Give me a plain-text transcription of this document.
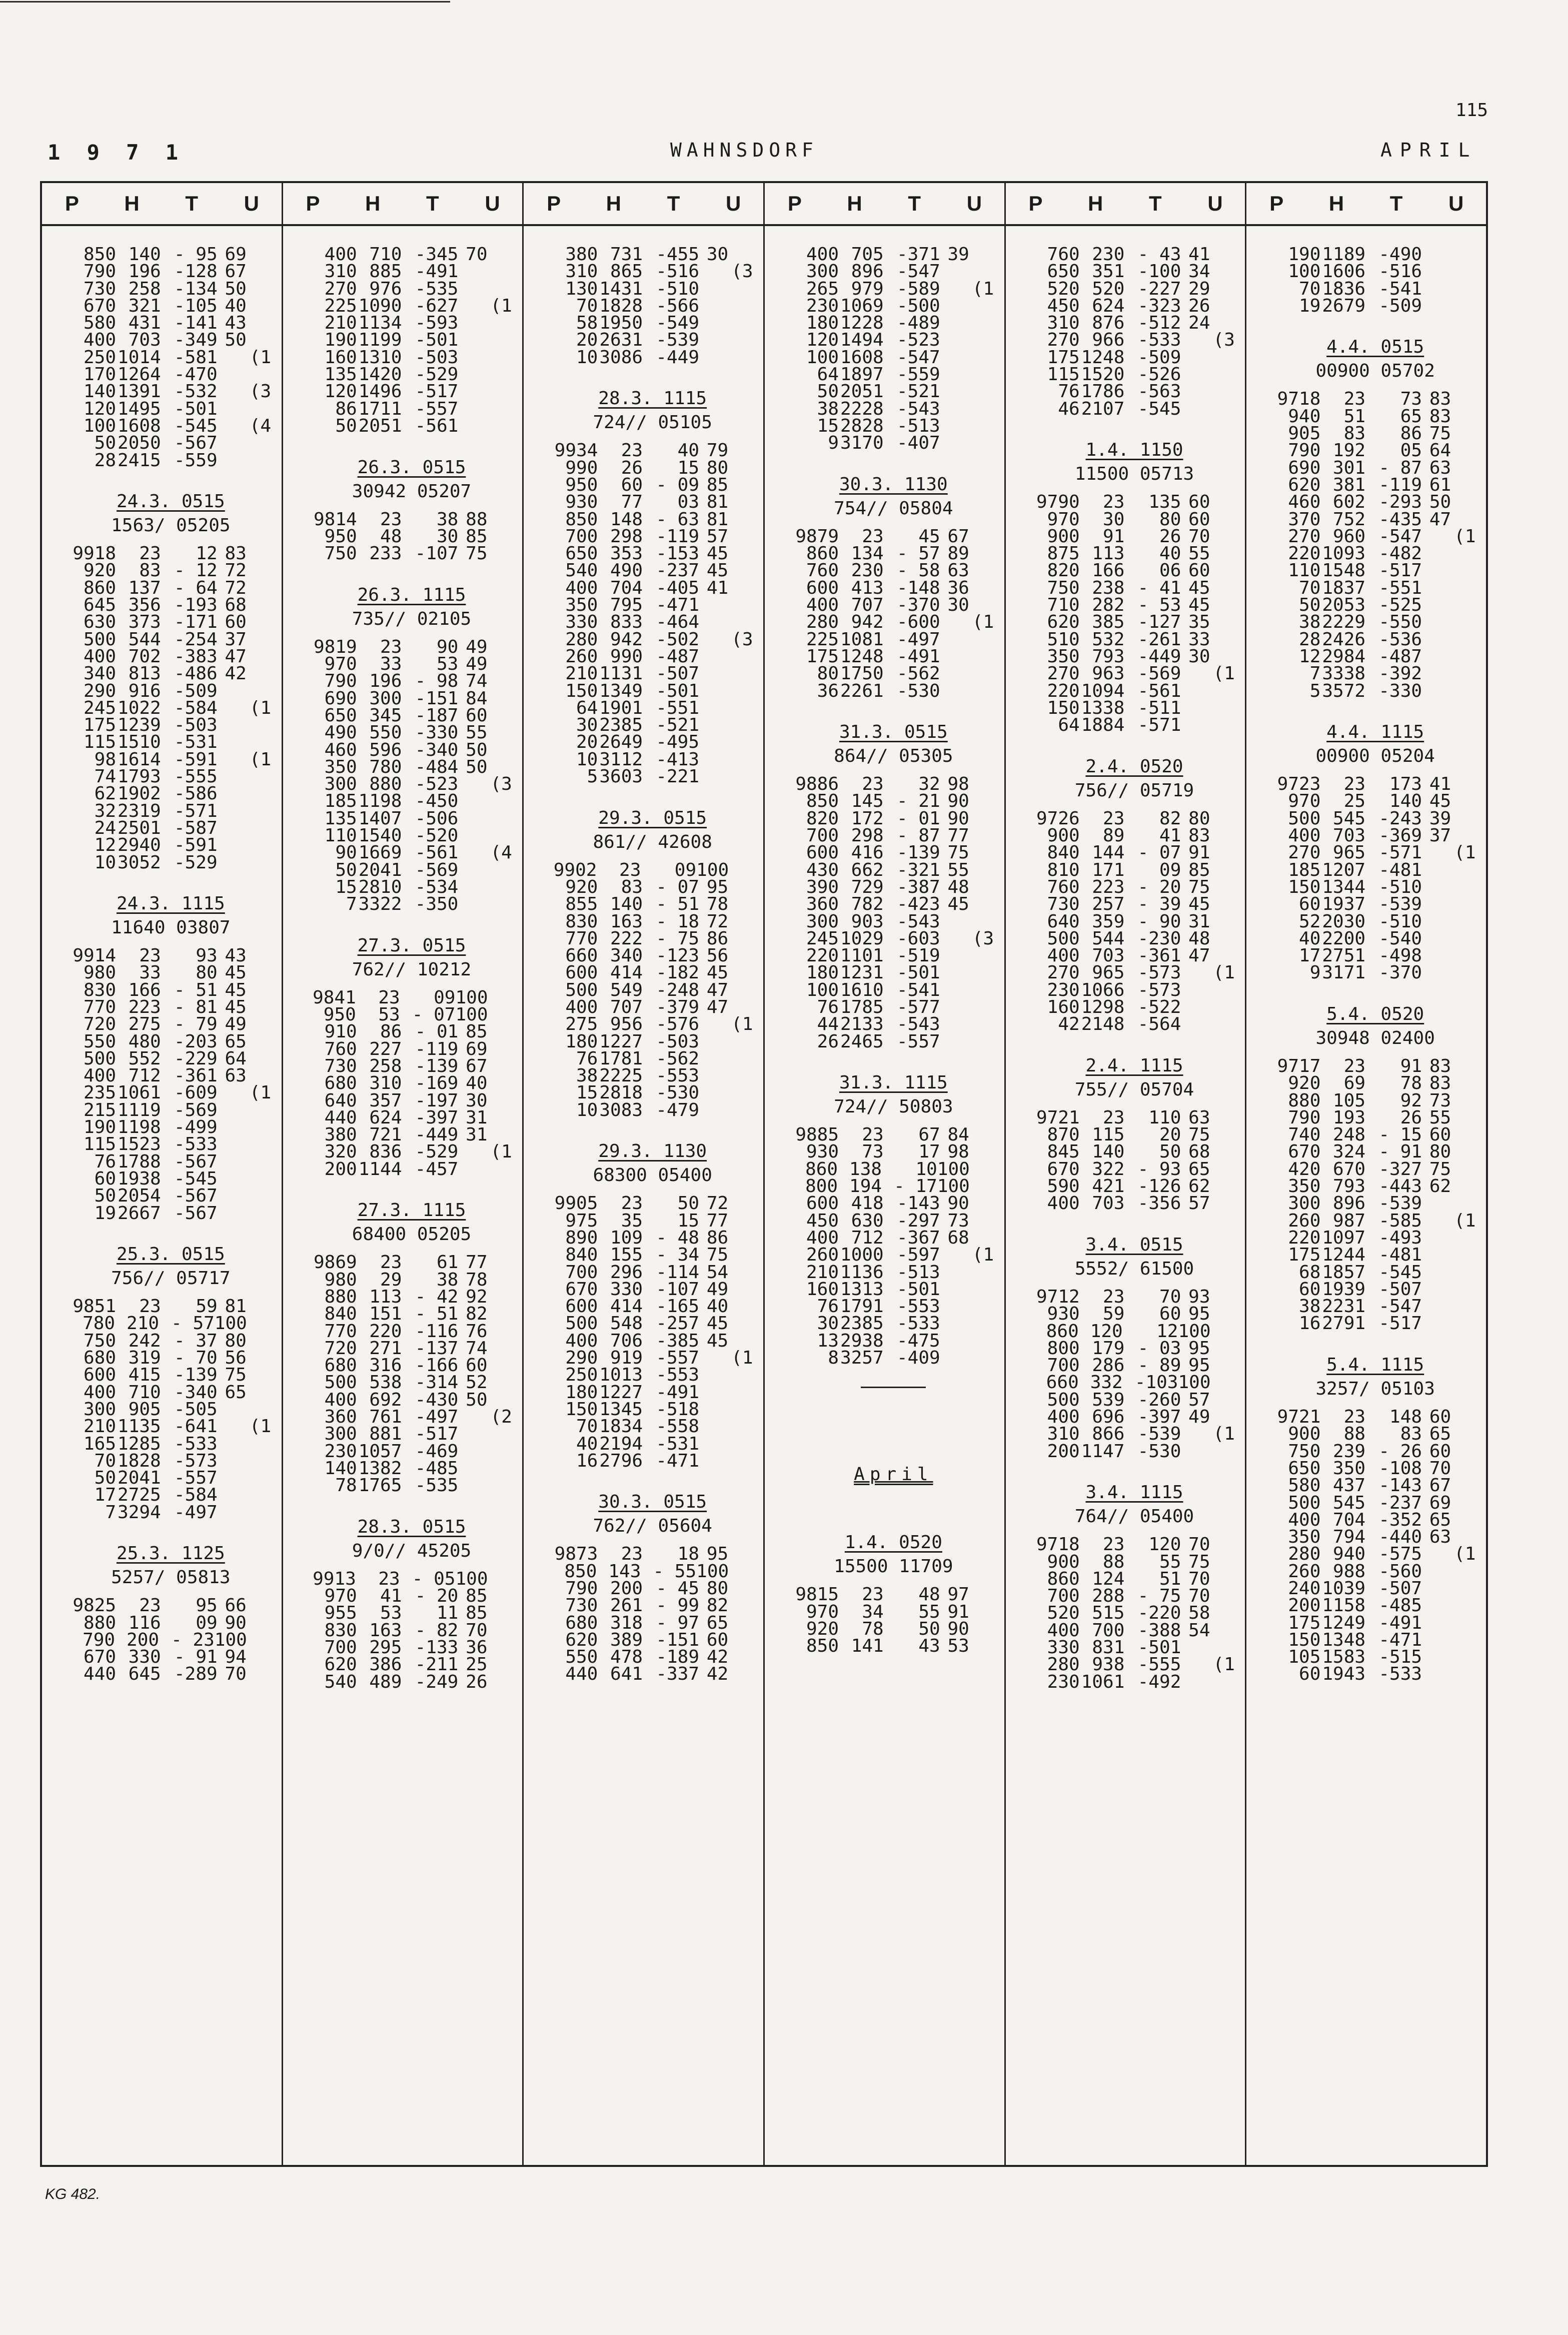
115
1 9 7 1	WAHNSDORF	APRIL
P	H	T	U
850 140 - 95 69
790 196 -128 67
730 258 -134 50
670 321 -105 40
580 431 -141 43
400 703 -349 50
250 1014 -581 (1
170 1264 -470
140 1391 -532 (3
120 1495 -501
100 1608 -545 (4
50 2050 -567
28 2415 -559
24.3. 0515
1563/ 05205
9918	23	12 83
920	83 - 12 72
860 137 - 64 72
645 356 -193 68
630 373 -171 60
500 544 -254 37
400 702 -383 47
340 813 -486 42
290 916 -509
245 1022 -584 (1
175 1239 -503
115 1510 -531
98 1614 -591 (1
74 1793 -555
62 1902 -586
32 2319 -571
24 2501 -587
12 2940 -591
10 3052 -529
24.3. 1115
11640 03807
9914	23	93 43
980	33	80 45
830 166 - 51 45
770 223 - 81 45
720 275 - 79 49
550 480 -203 65
500 552 -229 64
400 712 -361 63
235 1061 -609 (1
215 1119 -569
190 1198 -499
115 1523 -533
76 1788 -567
60 1938 -545
50 2054 -567
19 2667 -567
25.3. 0515
756// 05717
9851	23	59 81
780 210 - 57 100
750 242 - 37 80
680 319 - 70 56
600 415 -139 75
400 710 -340 65
300 905 -505
210 1135 -641 (1
165 1285 -533
70 1828 -573
50 2041 -557
17 2725 -584
7 3294 -497
25.3. 1125
5257/ 05813
9825	23	95 66
880 116	09 90
790 200 - 23 100
670 330 - 91 94
440 645 -289 70
P	H	T	U
400 710 -345 70
310 885 -491
270 976 -535
225 1090 -627 (1
210 1134 -593
190 1199 -501
160 1310 -503
135 1420 -529
120 1496 -517
86 1711 -557
50 2051 -561
26.3. 0515
30942 05207
9814	23	38 88
950	48	30 85
750 233 -107 75
26.3. 1115
735// 02105
9819	23	90 49
970	33	53 49
790 196 - 98 74
690 300 -151 84
650 345 -187 60
490 550 -330 55
460 596 -340 50
350 780 -484 50
300 880 -523 (3
185 1198 -450
135 1407 -506
110 1540 -520
90 1669 -561 (4
50 2041 -569
15 2810 -534
7 3322 -350
27.3. 0515
762// 10212
9841	23	09 100
950	53 - 07 100
910	86 - 01 85
760 227 -119 69
730 258 -139 67
680 310 -169 40
640 357 -197 30
440 624 -397 31
380 721 -449 31
320 836 -529 (1
200 1144 -457
27.3. 1115
68400 05205
9869	23	61 77
980	29	38 78
880 113 - 42 92
840 151 - 51 82
770 220 -116 76
720 271 -137 74
680 316 -166 60
500 538 -314 52
400 692 -430 50
360 761 -497 (2
300 881 -517
230 1057 -469
140 1382 -485
78 1765 -535
28.3. 0515
9/0// 45205
9913	23 - 05 100
970	41 - 20 85
955	53	11 85
830 163 - 82 70
700 295 -133 36
620 386 -211 25
540 489 -249 26
P	H	T	U
380 731 -455 30
310 865 -516 (3
130 1431 -510
70 1828 -566
58 1950 -549
20 2631 -539
10 3086 -449
28.3. 1115
724// 05105
9934	23	40 79
990	26	15 80
950	60 - 09 85
930	77	03 81
850 148 - 63 81
700 298 -119 57
650 353 -153 45
540 490 -237 45
400 704 -405 41
350 795 -471
330 833 -464
280 942 -502 (3
260 990 -487
210 1131 -507
150 1349 -501
64 1901 -551
30 2385 -521
20 2649 -495
10 3112 -413
5 3603 -221
29.3. 0515
861// 42608
9902	23	09 100
920	83 - 07 95
855 140 - 51 78
830 163 - 18 72
770 222 - 75 86
660 340 -123 56
600 414 -182 45
500 549 -248 47
400 707 -379 47
275 956 -576 (1
180 1227 -503
76 1781 -562
38 2225 -553
15 2818 -530
10 3083 -479
29.3. 1130
68300 05400
9905	23	50 72
975	35	15 77
890 109 - 48 86
840 155 - 34 75
700 296 -114 54
670 330 -107 49
600 414 -165 40
500 548 -257 45
400 706 -385 45
290 919 -557 (1
250 1013 -553
180 1227 -491
150 1345 -518
70 1834 -558
40 2194 -531
16 2796 -471
30.3. 0515
762// 05604
9873	23	18 95
850 143 - 55 100
790 200 - 45 80
730 261 - 99 82
680 318 - 97 65
620 389 -151 60
550 478 -189 42
440 641 -337 42
P	H	T	U
400 705 -371 39
300 896 -547
265 979 -589 (1
230 1069 -500
180 1228 -489
120 1494 -523
100 1608 -547
64 1897 -559
50 2051 -521
38 2228 -543
15 2828 -513
9 3170 -407
30.3. 1130
754// 05804
9879	23	45 67
860 134 - 57 89
760 230 - 58 63
600 413 -148 36
400 707 -370 30
280 942 -600 (1
225 1081 -497
175 1248 -491
80 1750 -562
36 2261 -530
31.3. 0515
864// 05305
9886	23	32 98
850 145 - 21 90
820 172 - 01 90
700 298 - 87 77
600 416 -139 75
430 662 -321 55
390 729 -387 48
360 782 -423 45
300 903 -543
245 1029 -603 (3
220 1101 -519
180 1231 -501
100 1610 -541
76 1785 -577
44 2133 -543
26 2465 -557
31.3. 1115
724// 50803
9885	23	67 84
930	73	17 98
860 138	10 100
800 194 - 17 100
600 418 -143 90
450 630 -297 73
400 712 -367 68
260 1000 -597 (1
210 1136 -513
160 1313 -501
76 1791 -553
30 2385 -533
13 2938 -475
8 3257 -409
April
1.4. 0520
15500 11709
9815	23	48 97
970	34	55 91
920	78	50 90
850 141	43 53
P	H	T	U
760 230 - 43 41
650 351 -100 34
520 520 -227 29
450 624 -323 26
310 876 -512 24
270 966 -533 (3
175 1248 -509
115 1520 -526
76 1786 -563
46 2107 -545
1.4. 1150
11500 05713
9790	23	135 60
970	30	80 60
900	91	26 70
875 113	40 55
820 166	06 60
750 238 - 41 45
710 282 - 53 45
620 385 -127 35
510 532 -261 33
350 793 -449 30
270 963 -569 (1
220 1094 -561
150 1338 -511
64 1884 -571
2.4. 0520
756// 05719
9726	23	82 80
900	89	41 83
840 144 - 07 91
810 171	09 85
760 223 - 20 75
730 257 - 39 45
640 359 - 90 31
500 544 -230 48
400 703 -361 47
270 965 -573 (1
230 1066 -573
160 1298 -522
42 2148 -564
2.4. 1115
755// 05704
9721	23	110 63
870 115	20 75
845 140	50 68
670 322 - 93 65
590 421 -126 62
400 703 -356 57
3.4. 0515
5552/ 61500
9712	23	70 93
930	59	60 95
860 120	12 100
800 179 - 03 95
700 286 - 89 95
660 332 -103 100
500 539 -260 57
400 696 -397 49
310 866 -539 (1
200 1147 -530
3.4. 1115
764// 05400
9718	23	120 70
900	88	55 75
860 124	51 70
700 288 - 75 70
520 515 -220 58
400 700 -388 54
330 831 -501
280 938 -555 (1
230 1061 -492
P	H	T	U
190 1189 -490
100 1606 -516
70 1836 -541
19 2679 -509
4.4. 0515
00900 05702
9718	23	73 83
940	51	65 83
905	83	86 75
790 192	05 64
690 301 - 87 63
620 381 -119 61
460 602 -293 50
370 752 -435 47
270 960 -547 (1
220 1093 -482
110 1548 -517
70 1837 -551
50 2053 -525
38 2229 -550
28 2426 -536
12 2984 -487
7 3338 -392
5 3572 -330
4.4. 1115
00900 05204
9723	23	173 41
970	25	140 45
500 545 -243 39
400 703 -369 37
270 965 -571 (1
185 1207 -481
150 1344 -510
60 1937 -539
52 2030 -510
40 2200 -540
17 2751 -498
9 3171 -370
5.4. 0520
30948 02400
9717	23	91 83
920	69	78 83
880 105	92 73
790 193	26 55
740 248 - 15 60
670 324 - 91 80
420 670 -327 75
350 793 -443 62
300 896 -539
260 987 -585 (1
220 1097 -493
175 1244 -481
68 1857 -545
60 1939 -507
38 2231 -547
16 2791 -517
5.4. 1115
3257/ 05103
9721	23	148 60
900	88	83 65
750 239 - 26 60
650 350 -108 70
580 437 -143 67
500 545 -237 69
400 704 -352 65
350 794 -440 63
280 940 -575 (1
260 988 -560
240 1039 -507
200 1158 -485
175 1249 -491
150 1348 -471
105 1583 -515
60 1943 -533
KG 482.
